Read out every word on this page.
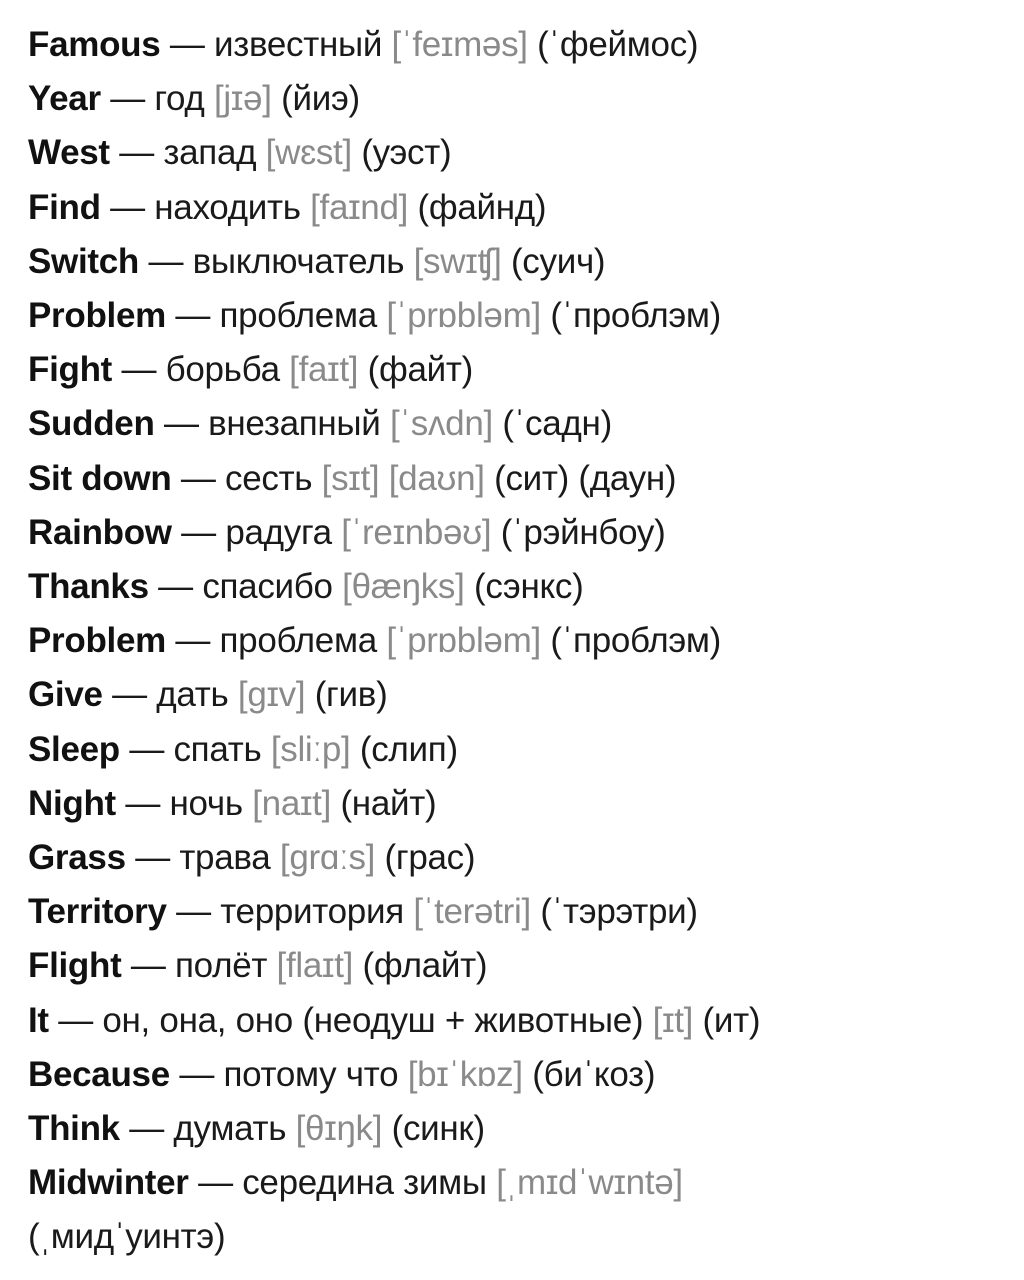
Famous — известный [ˈfeɪməs] (ˈфеймос)
Year — год [jɪə] (йиэ)
West — запад [wɛst] (уэст)
Find — находить [faɪnd] (файнд)
Switch — выключатель [swɪʧ] (суич)
Problem — проблема [ˈprɒbləm] (ˈпроблэм)
Fight — борьба [faɪt] (файт)
Sudden — внезапный [ˈsʌdn] (ˈсадн)
Sit down — сесть [sɪt] [daʊn] (сит) (даун)
Rainbow — радуга [ˈreɪnbəʊ] (ˈрэйнбоу)
Thanks — спасибо [θæŋks] (сэнкс)
Problem — проблема [ˈprɒbləm] (ˈпроблэм)
Give — дать [gɪv] (гив)
Sleep — спать [sliːp] (слип)
Night — ночь [naɪt] (найт)
Grass — трава [grɑːs] (грас)
Territory — территория [ˈterətri] (ˈтэрэтри)
Flight — полёт [flaɪt] (флайт)
It — он, она, оно (неодуш + животные) [ɪt] (ит)
Because — потому что [bɪˈkɒz] (биˈкоз)
Think — думать [θɪŋk] (синк)
Midwinter — середина зимы [ˌmɪdˈwɪntə]
(ˌмидˈуинтэ)
